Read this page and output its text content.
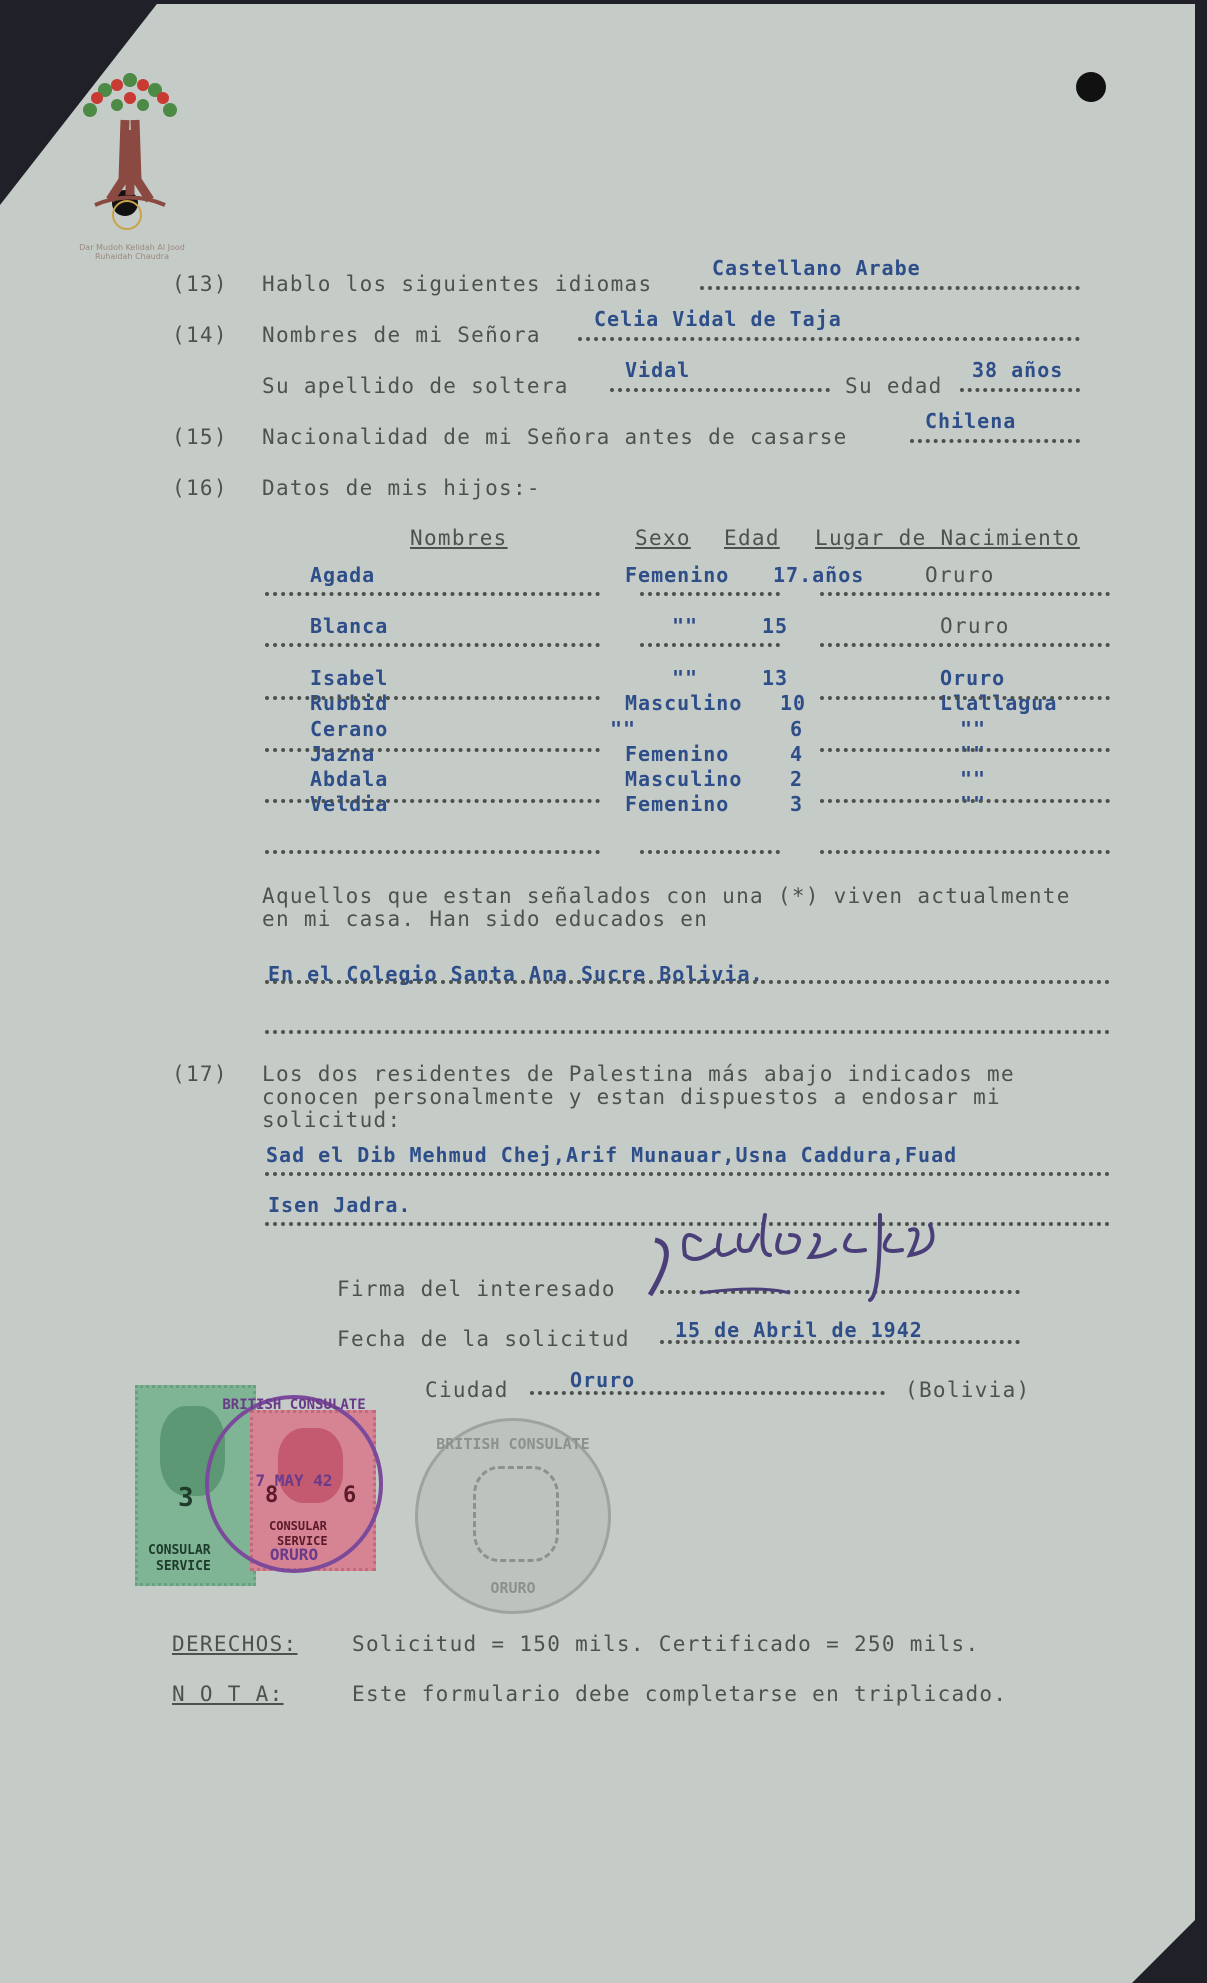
Dar Mudoh Kelidah Al Jood Ruhaidah Chaudra
(13) Hablo los siguientes idiomas
Castellano Arabe
(14) Nombres de mi Señora
Celia Vidal de Taja
Su apellido de soltera
Vidal
Su edad
38 años
(15) Nacionalidad de mi Señora antes de casarse
Chilena
(16) Datos de mis hijos:-
Nombres	Sexo Edad Lugar de Nacimiento
Agada	Femenino 17.años	Oruro
Blanca	""	15	Oruro
Isabel	""	13	Oruro
Rubbid	Masculino 10	Llallagua
Cerano	""	6	""
Jazna	Femenino	4	""
Abdala	Masculino 2	""
Veldia	Femenino	3	""
Aquellos que estan señalados con una (*) viven actualmente
en mi casa. Han sido educados en
En el Colegio Santa Ana Sucre Bolivia.
(17) Los dos residentes de Palestina más abajo indicados me
conocen personalmente y estan dispuestos a endosar mi
solicitud:
Sad el Dib Mehmud Chej,Arif Munauar,Usna Caddura,Fuad
Isen Jadra.
Firma del interesado
Fecha de la solicitud 15 de Abril de 1942
Ciudad	Oruro	(Bolivia)
3
CONSULAR
SERVICE
8	6
CONSULAR
SERVICE
BRITISH CONSULATE
7 MAY 42
ORURO
BRITISH CONSULATE
ORURO
DERECHOS:	Solicitud = 150 mils. Certificado = 250 mils.
N O T A:	Este formulario debe completarse en triplicado.
